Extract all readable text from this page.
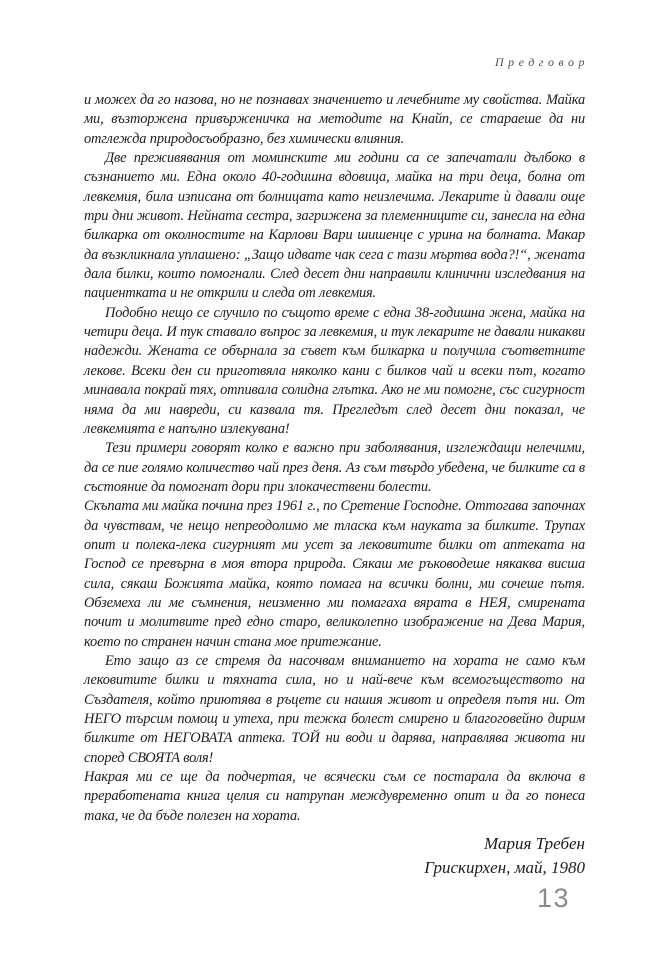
Предговор

и можех да го назова, но не познавах значението и лечебните му свойства. Майка ми, възторжена привърженичка на методите на Кнайп, се стараеше да ни отглежда природосъобразно, без химически влияния.

Две преживявания от моминските ми години са се запечатали дълбоко в съзнанието ми. Една около 40-годишна вдовица, майка на три деца, болна от левкемия, била изписана от болницата като неизлечима. Лекарите ѝ давали още три дни живот. Нейната сестра, загрижена за племенниците си, занесла на една билкарка от околностите на Карлови Вари шишенце с урина на болната. Макар да възкликнала уплашено: „Защо идвате чак сега с тази мъртва вода?!“, жената дала билки, които помогнали. След десет дни направили клинични изследвания на пациентката и не открили и следа от левкемия.

Подобно нещо се случило по същото време с една 38-годишна жена, майка на четири деца. И тук ставало въпрос за левкемия, и тук лекарите не давали никакви надежди. Жената се обърнала за съвет към билкарка и получила съответните лекове. Всеки ден си приготвяла няколко кани с билков чай и всеки път, когато минавала покрай тях, отпивала солидна глътка. Ако не ми помогне, със сигурност няма да ми навреди, си казвала тя. Прегледът след десет дни показал, че левкемията е напълно излекувана!

Тези примери говорят колко е важно при заболявания, изглеждащи нелечими, да се пие голямо количество чай през деня. Аз съм твърдо убедена, че билките са в състояние да помогнат дори при злокачествени болести.

Скъпата ми майка почина през 1961 г., по Сретение Господне. Оттогава започнах да чувствам, че нещо непреодолимо ме тласка към науката за билките. Трупах опит и полека-лека сигурният ми усет за лековитите билки от аптеката на Господ се превърна в моя втора природа. Сякаш ме ръководеше някаква висша сила, сякаш Божията майка, която помага на всички болни, ми сочеше пътя. Обземеха ли ме съмнения, неизменно ми помагаха вярата в НЕЯ, смирената почит и молитвите пред едно старо, великолепно изображение на Дева Мария, което по странен начин стана мое притежание.

Ето защо аз се стремя да насочвам вниманието на хората не само към лековитите билки и тяхната сила, но и най-вече към всемогъществото на Създателя, който приютява в ръцете си нашия живот и определя пътя ни. От НЕГО търсим помощ и утеха, при тежка болест смирено и благоговейно дирим билките от НЕГОВАТА аптека. ТОЙ ни води и дарява, направлява живота ни според СВОЯТА воля!

Накрая ми се ще да подчертая, че всячески съм се постарала да включа в преработената книга целия си натрупан междувременно опит и да го понеса така, че да бъде полезен на хората.

Мария Требен
Грискирхен, май, 1980
13
